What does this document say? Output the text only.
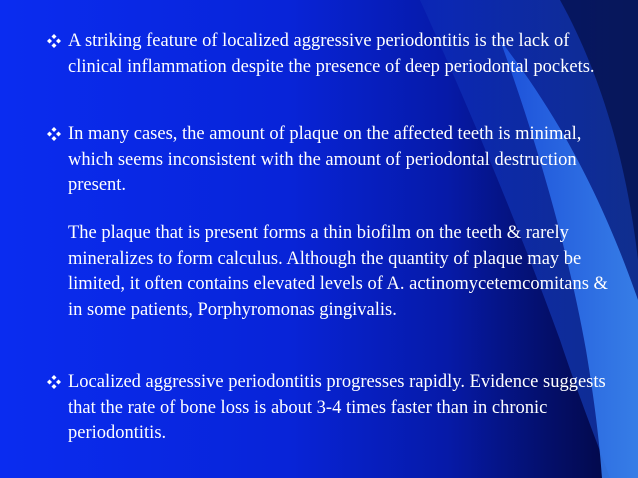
A striking feature of localized aggressive periodontitis is the lack of clinical inflammation despite the presence of deep periodontal pockets.
In many cases, the amount of plaque on the affected teeth is minimal, which seems inconsistent with the amount of periodontal destruction present.
The plaque that is present forms a thin biofilm on the teeth & rarely mineralizes to form calculus. Although the quantity of plaque may be limited, it often contains elevated levels of A. actinomycetemcomitans & in some patients, Porphyromonas gingivalis.
Localized aggressive periodontitis progresses rapidly. Evidence suggests that the rate of bone loss is about 3-4 times faster than in chronic periodontitis.
